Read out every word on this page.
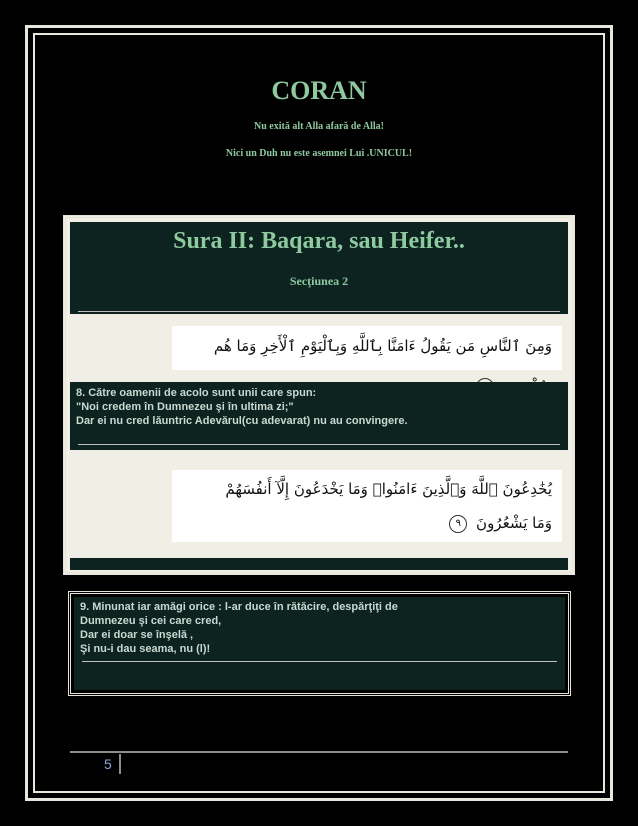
CORAN
Nu exită alt Alla afară de Alla!
Nici un Duh nu este asemnei Lui .UNICUL!
Sura II: Baqara, sau Heifer..
Secţiunea 2
وَمِنَ ٱلنَّاسِ مَن يَقُولُ ءَامَنَّا بِٱللَّهِ وَبِٱلْيَوْمِ ٱلْأَخِرِ وَمَا هُم
8. Către oamenii de acolo sunt unii care spun:
"Noi credem în Dumnezeu şi în ultima zi;"
Dar ei nu cred lăuntric Adevărul(cu adevarat) nu au convingere.
يُخَٰدِعُونَ ٱللَّهَ وَٱلَّذِينَ ءَامَنُوا۟ وَمَا يَخْدَعُونَ إِلَّآ أَنفُسَهُمْ
وَمَا يَشْعُرُونَ ٩
9. Minunat iar amăgi orice : l-ar duce în rătăcire, despărţiţi de
Dumnezeu şi cei care cred,
Dar ei doar se înşelă ,
Şi nu-i dau seama, nu (l)!
5
